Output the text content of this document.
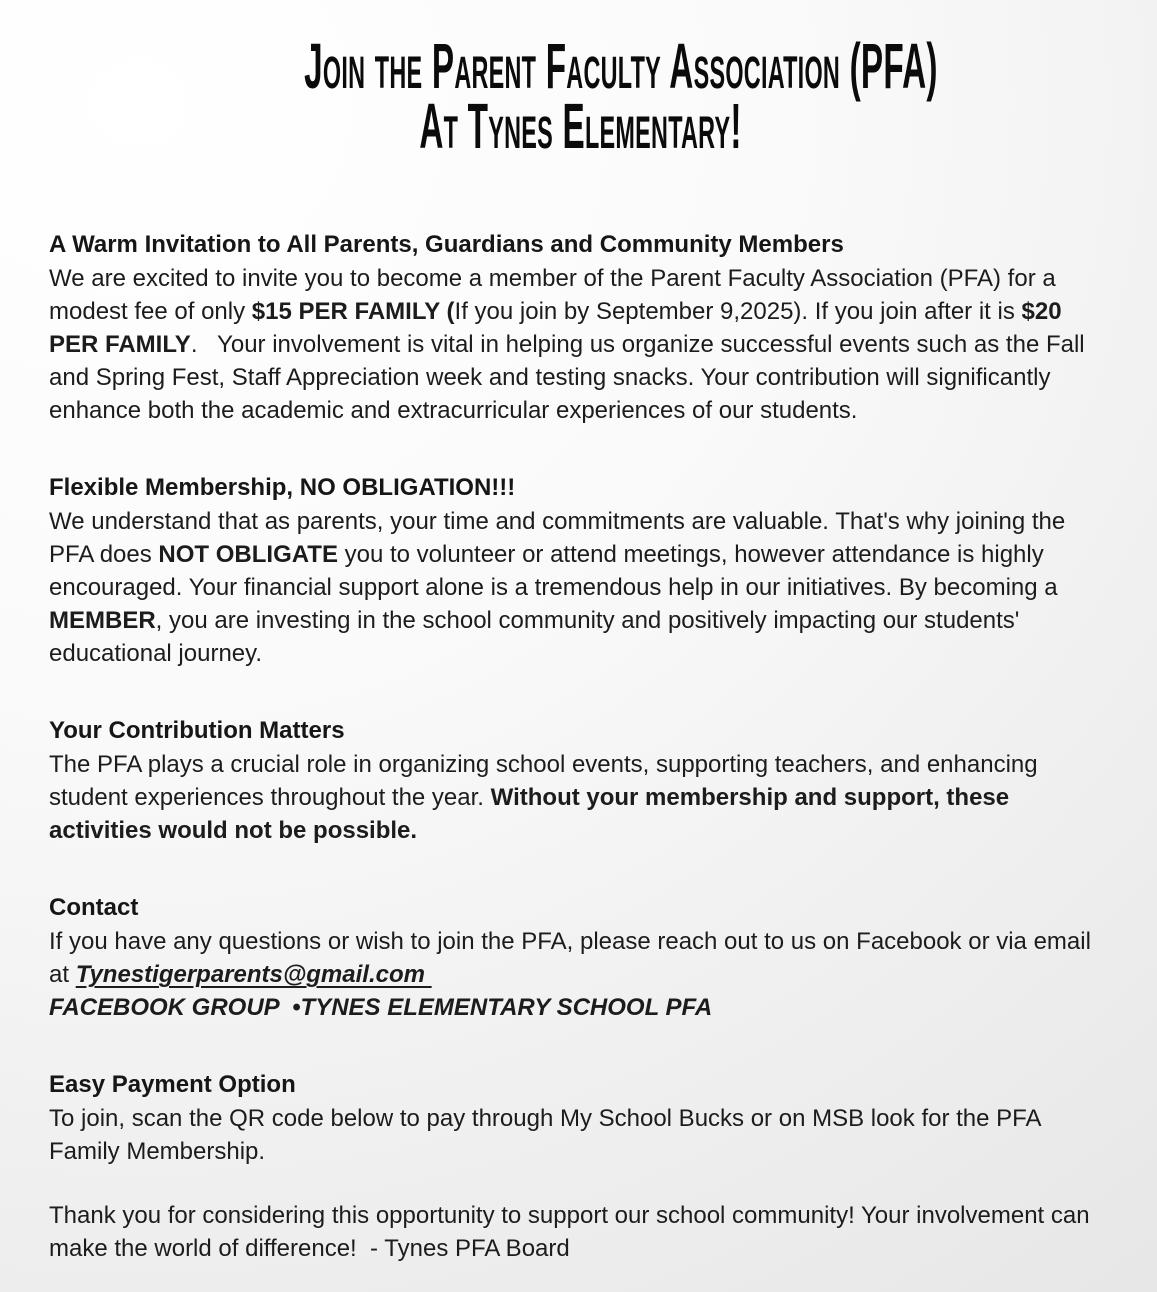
Join the Parent Faculty Association (PFA)
At Tynes Elementary!
A Warm Invitation to All Parents, Guardians and Community Members

We are excited to invite you to become a member of the Parent Faculty Association (PFA) for a modest fee of only $15 PER FAMILY (If you join by September 9,2025). If you join after it is $20 PER FAMILY.   Your involvement is vital in helping us organize successful events such as the Fall and Spring Fest, Staff Appreciation week and testing snacks. Your contribution will significantly enhance both the academic and extracurricular experiences of our students.

Flexible Membership, NO OBLIGATION!!!

We understand that as parents, your time and commitments are valuable. That's why joining the PFA does NOT OBLIGATE you to volunteer or attend meetings, however attendance is highly encouraged. Your financial support alone is a tremendous help in our initiatives. By becoming a MEMBER, you are investing in the school community and positively impacting our students' educational journey.

Your Contribution Matters

The PFA plays a crucial role in organizing school events, supporting teachers, and enhancing student experiences throughout the year. Without your membership and support, these activities would not be possible.

Contact

If you have any questions or wish to join the PFA, please reach out to us on Facebook or via email at Tynestigerparents@gmail.com

FACEBOOK GROUP  •TYNES ELEMENTARY SCHOOL PFA

Easy Payment Option

To join, scan the QR code below to pay through My School Bucks or on MSB look for the PFA Family Membership.

Thank you for considering this opportunity to support our school community! Your involvement can make the world of difference!  - Tynes PFA Board
